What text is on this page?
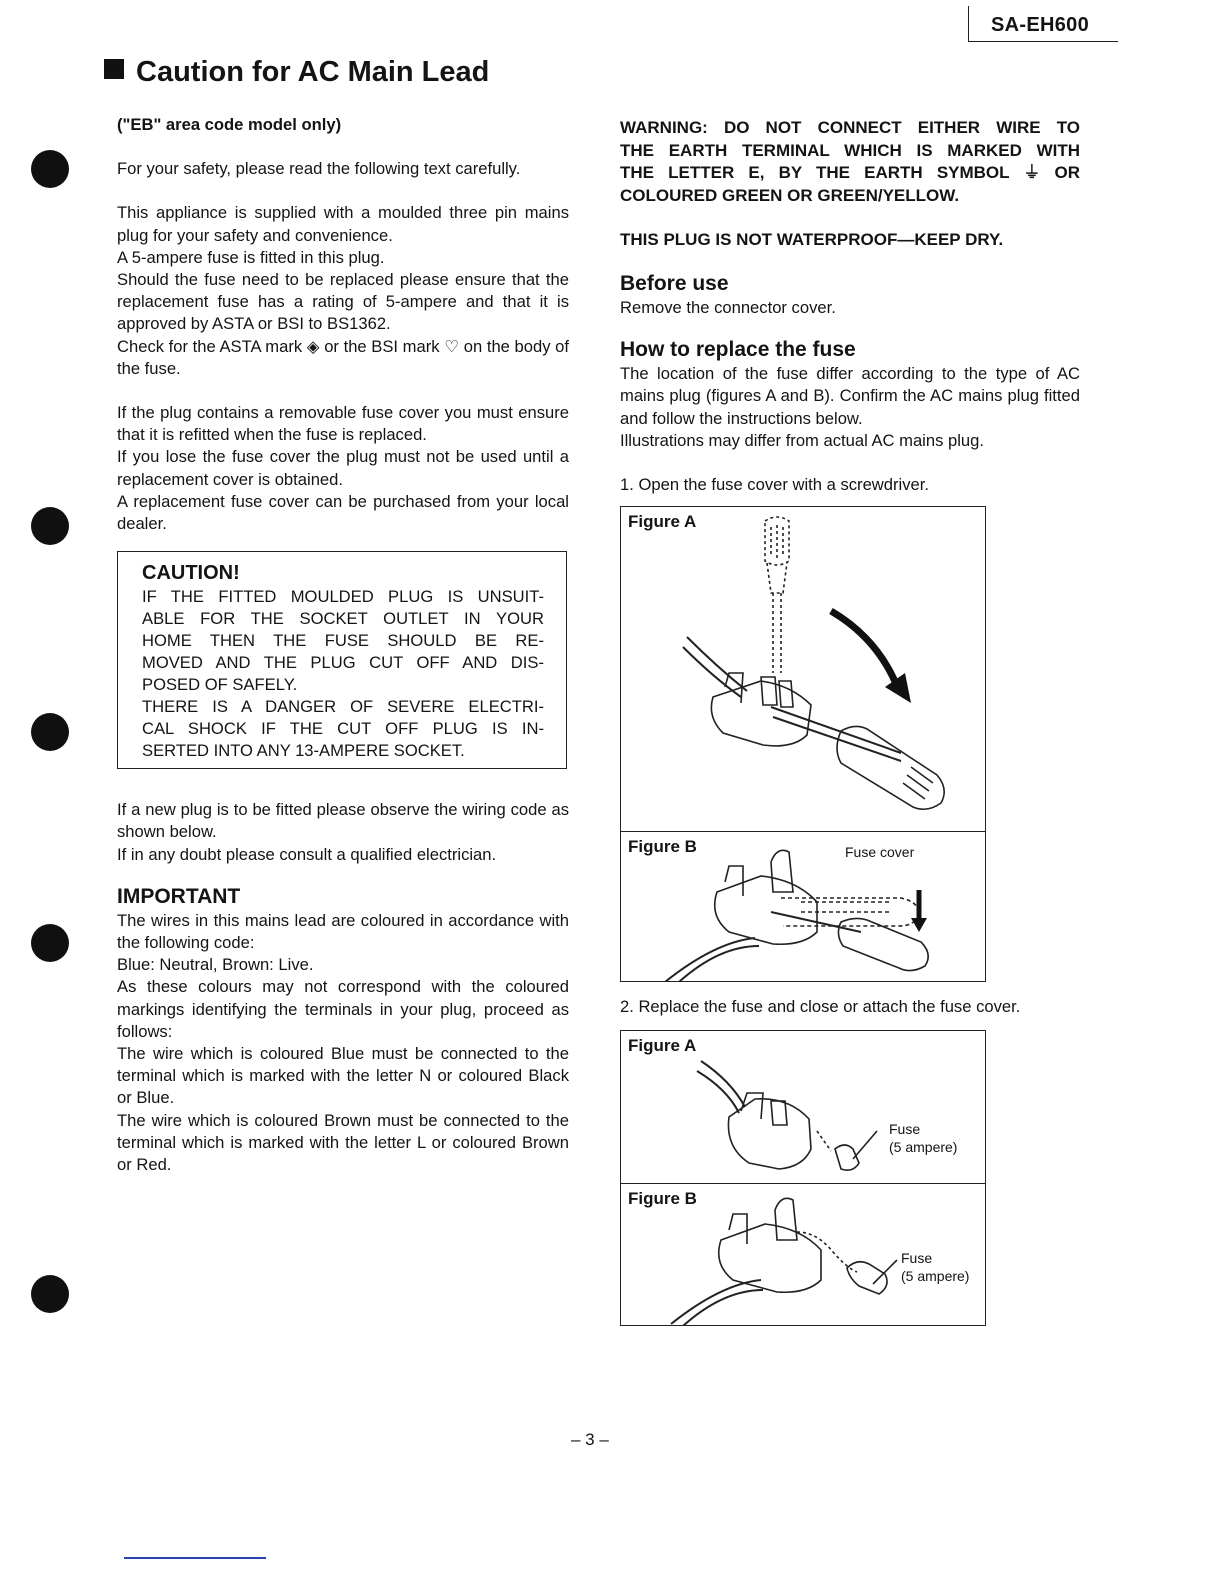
SA-EH600
Caution for AC Main Lead
("EB" area code model only)
For your safety, please read the following text carefully.
This appliance is supplied with a moulded three pin mains plug for your safety and convenience.
A 5-ampere fuse is fitted in this plug.
Should the fuse need to be replaced please ensure that the replacement fuse has a rating of 5-ampere and that it is approved by ASTA or BSI to BS1362.
Check for the ASTA mark ◈ or the BSI mark ♡ on the body of the fuse.
If the plug contains a removable fuse cover you must ensure that it is refitted when the fuse is replaced.
If you lose the fuse cover the plug must not be used until a replacement cover is obtained.
A replacement fuse cover can be purchased from your local dealer.
CAUTION!
IF THE FITTED MOULDED PLUG IS UNSUIT-
ABLE FOR THE SOCKET OUTLET IN YOUR
HOME THEN THE FUSE SHOULD BE RE-
MOVED AND THE PLUG CUT OFF AND DIS-
POSED OF SAFELY.
THERE IS A DANGER OF SEVERE ELECTRI-
CAL SHOCK IF THE CUT OFF PLUG IS IN-
SERTED INTO ANY 13-AMPERE SOCKET.
If a new plug is to be fitted please observe the wiring code as shown below.
If in any doubt please consult a qualified electrician.
IMPORTANT
The wires in this mains lead are coloured in accordance with the following code:
Blue: Neutral, Brown: Live.
As these colours may not correspond with the coloured markings identifying the terminals in your plug, proceed as follows:
The wire which is coloured Blue must be connected to the terminal which is marked with the letter N or coloured Black or Blue.
The wire which is coloured Brown must be connected to the terminal which is marked with the letter L or coloured Brown or Red.
WARNING: DO NOT CONNECT EITHER WIRE TO
THE EARTH TERMINAL WHICH IS MARKED WITH
THE LETTER E, BY THE EARTH SYMBOL ⏚ OR
COLOURED GREEN OR GREEN/YELLOW.
THIS PLUG IS NOT WATERPROOF—KEEP DRY.
Before use
Remove the connector cover.
How to replace the fuse
The location of the fuse differ according to the type of AC mains plug (figures A and B). Confirm the AC mains plug fitted and follow the instructions below.
Illustrations may differ from actual AC mains plug.
1. Open the fuse cover with a screwdriver.
Figure A
Figure B	Fuse cover
2. Replace the fuse and close or attach the fuse cover.
Figure A
Fuse
(5 ampere)
Figure B
Fuse
(5 ampere)
– 3 –
